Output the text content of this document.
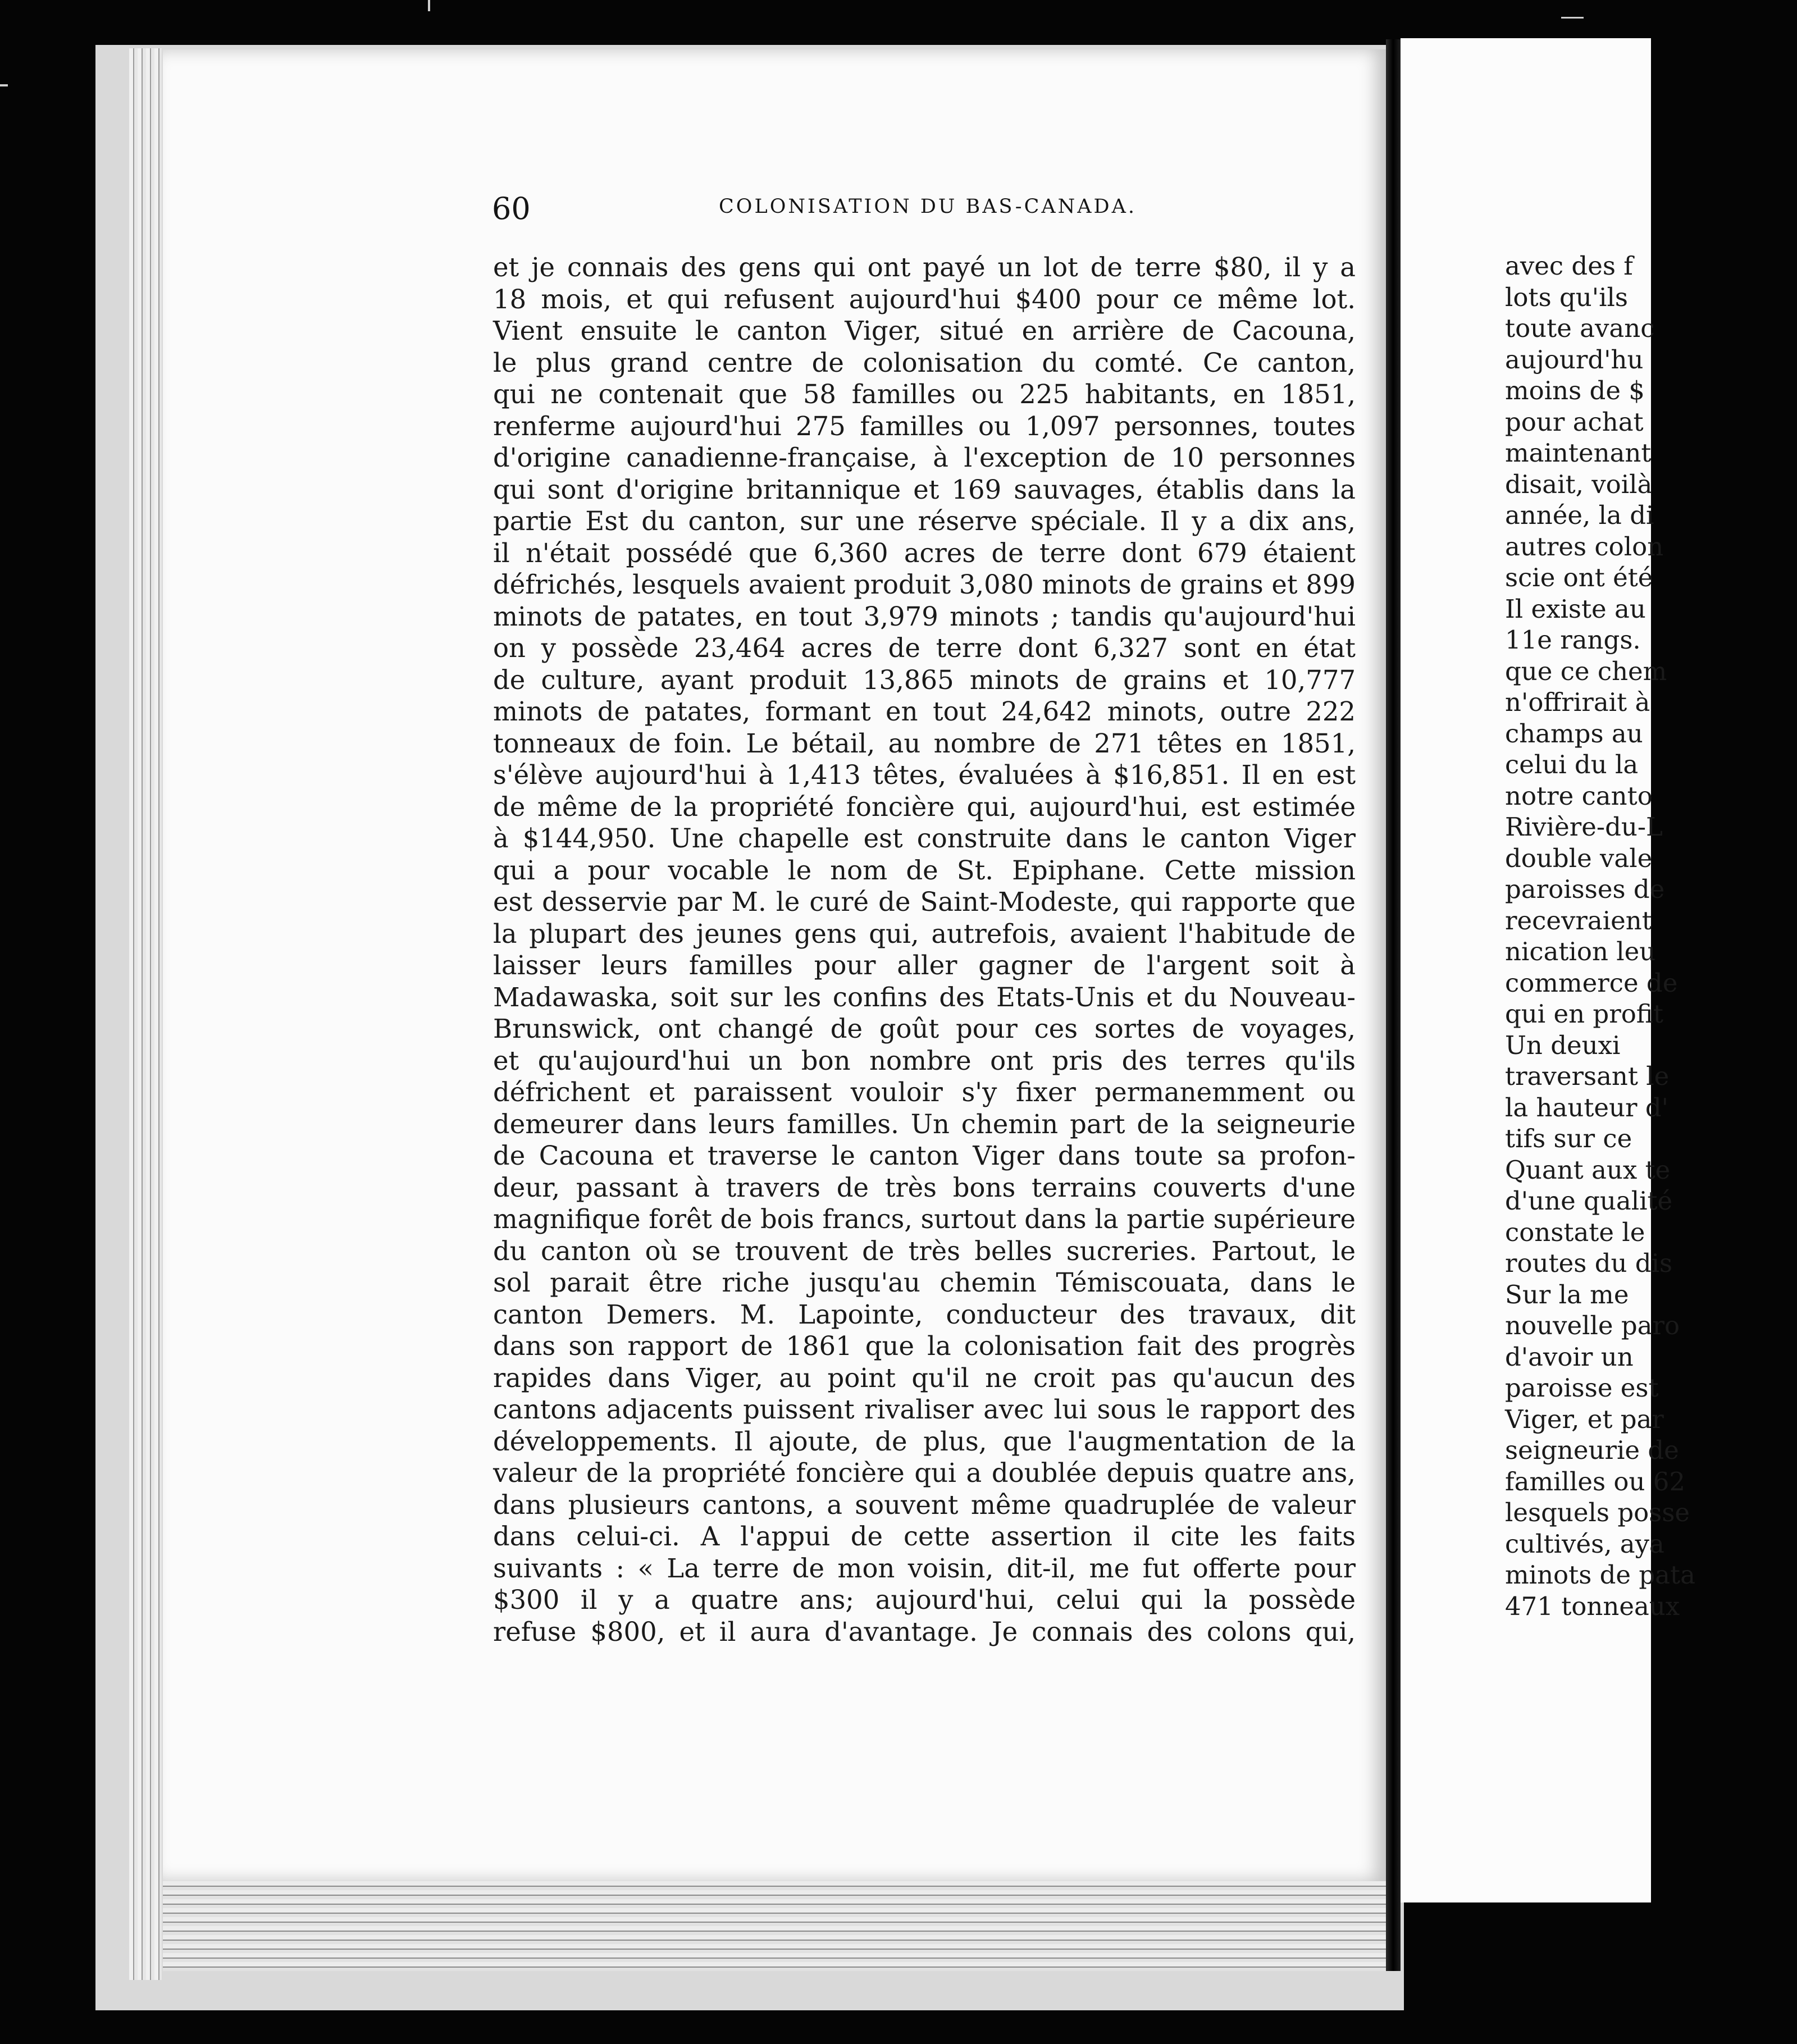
avec des f
lots qu'ils
toute avanc
aujourd'hu
moins de $
pour achat
maintenant
disait, voilà
année, la di
autres colon
scie ont été
Il existe au
11e rangs.
que ce chem
n'offrirait à
champs au
celui du la
notre canto
Rivière-du-L
double vale
paroisses de
recevraient
nication leu
commerce de
qui en profit
Un deuxi
traversant le
la hauteur d'
tifs sur ce
Quant aux te
d'une qualité
constate le
routes du dis
Sur la me
nouvelle paro
d'avoir un
paroisse est
Viger, et par
seigneurie de
familles ou 62
lesquels posse
cultivés, aya
minots de pata
471 tonneaux

60	COLONISATION DU BAS-CANADA.

et je connais des gens qui ont payé un lot de terre $80, il y a
18 mois, et qui refusent aujourd'hui $400 pour ce même lot.
Vient ensuite le canton Viger, situé en arrière de Cacouna,
le plus grand centre de colonisation du comté. Ce canton,
qui ne contenait que 58 familles ou 225 habitants, en 1851,
renferme aujourd'hui 275 familles ou 1,097 personnes, toutes
d'origine canadienne-française, à l'exception de 10 personnes
qui sont d'origine britannique et 169 sauvages, établis dans la
partie Est du canton, sur une réserve spéciale. Il y a dix ans,
il n'était possédé que 6,360 acres de terre dont 679 étaient
défrichés, lesquels avaient produit 3,080 minots de grains et 899
minots de patates, en tout 3,979 minots ; tandis qu'aujourd'hui
on y possède 23,464 acres de terre dont 6,327 sont en état
de culture, ayant produit 13,865 minots de grains et 10,777
minots de patates, formant en tout 24,642 minots, outre 222
tonneaux de foin. Le bétail, au nombre de 271 têtes en 1851,
s'élève aujourd'hui à 1,413 têtes, évaluées à $16,851. Il en est
de même de la propriété foncière qui, aujourd'hui, est estimée
à $144,950. Une chapelle est construite dans le canton Viger
qui a pour vocable le nom de St. Epiphane. Cette mission
est desservie par M. le curé de Saint-Modeste, qui rapporte que
la plupart des jeunes gens qui, autrefois, avaient l'habitude de
laisser leurs familles pour aller gagner de l'argent soit à
Madawaska, soit sur les confins des Etats-Unis et du Nouveau-
Brunswick, ont changé de goût pour ces sortes de voyages,
et qu'aujourd'hui un bon nombre ont pris des terres qu'ils
défrichent et paraissent vouloir s'y fixer permanemment ou
demeurer dans leurs familles. Un chemin part de la seigneurie
de Cacouna et traverse le canton Viger dans toute sa profon-
deur, passant à travers de très bons terrains couverts d'une
magnifique forêt de bois francs, surtout dans la partie supérieure
du canton où se trouvent de très belles sucreries. Partout, le
sol parait être riche jusqu'au chemin Témiscouata, dans le
canton Demers. M. Lapointe, conducteur des travaux, dit
dans son rapport de 1861 que la colonisation fait des progrès
rapides dans Viger, au point qu'il ne croit pas qu'aucun des
cantons adjacents puissent rivaliser avec lui sous le rapport des
développements. Il ajoute, de plus, que l'augmentation de la
valeur de la propriété foncière qui a doublée depuis quatre ans,
dans plusieurs cantons, a souvent même quadruplée de valeur
dans celui-ci. A l'appui de cette assertion il cite les faits
suivants : « La terre de mon voisin, dit-il, me fut offerte pour
$300 il y a quatre ans; aujourd'hui, celui qui la possède
refuse $800, et il aura d'avantage. Je connais des colons qui,
